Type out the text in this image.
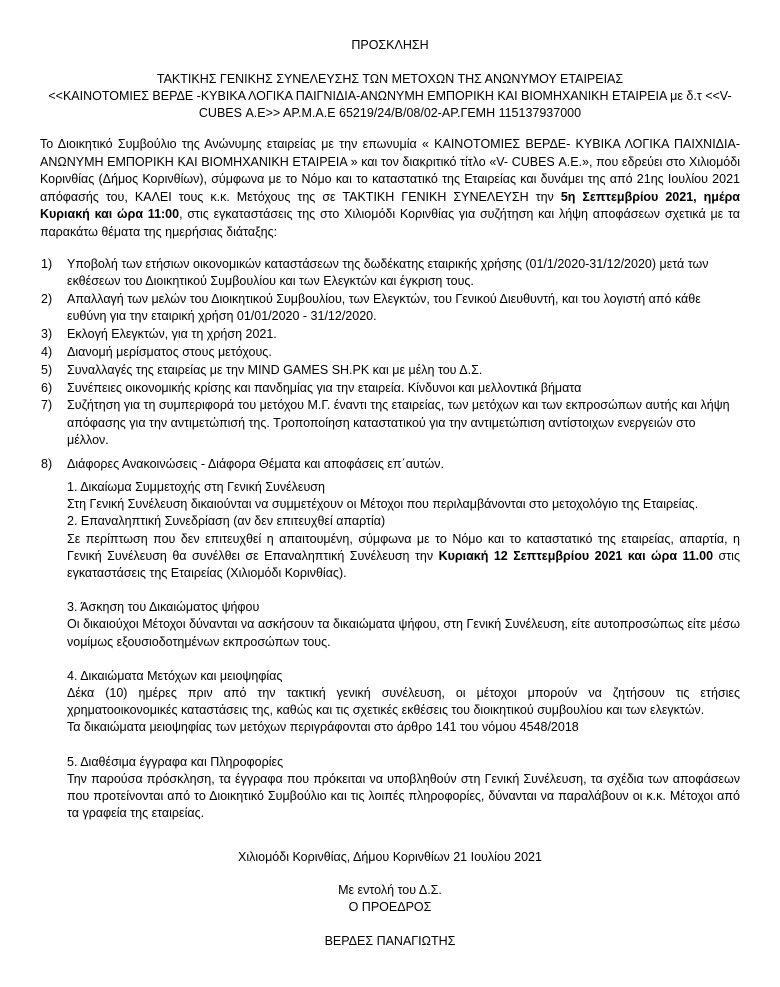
ΠΡΟΣΚΛΗΣΗ
ΤΑΚΤΙΚΗΣ ΓΕΝΙΚΗΣ ΣΥΝΕΛΕΥΣΗΣ ΤΩΝ ΜΕΤΟΧΩΝ ΤΗΣ ΑΝΩΝΥΜΟΥ ΕΤΑΙΡΕΙΑΣ
<<ΚΑΙΝΟΤΟΜΙΕΣ ΒΕΡΔΕ -ΚΥΒΙΚΑ ΛΟΓΙΚΑ ΠΑΙΓΝΙΔΙΑ-ΑΝΩΝΥΜΗ ΕΜΠΟΡΙΚΗ ΚΑΙ ΒΙΟΜΗΧΑΝΙΚΗ ΕΤΑΙΡΕΙΑ με δ.τ <<V-
CUBES Α.Ε>> ΑΡ.Μ.Α.Ε 65219/24/Β/08/02-ΑΡ.ΓΕΜΗ 115137937000
Το Διοικητικό Συμβούλιο της Ανώνυμης εταιρείας με την επωνυμία « ΚΑΙΝΟΤΟΜΙΕΣ ΒΕΡΔΕ- ΚΥΒΙΚΑ ΛΟΓΙΚΑ ΠΑΙΧΝΙΔΙΑ-ΑΝΩΝΥΜΗ ΕΜΠΟΡΙΚΗ ΚΑΙ ΒΙΟΜΗΧΑΝΙΚΗ ΕΤΑΙΡΕΙΑ » και τον διακριτικό τίτλο «V- CUBES Α.Ε.», που εδρεύει στο Χιλιομόδι Κορινθίας (Δήμος Κορινθίων), σύμφωνα με το Νόμο και το καταστατικό της Εταιρείας και δυνάμει της από 21ης Ιουλίου 2021 απόφασής του, ΚΑΛΕΙ τους κ.κ. Μετόχους της σε ΤΑΚΤΙΚΗ ΓΕΝΙΚΗ ΣΥΝΕΛΕΥΣΗ την 5η Σεπτεμβρίου 2021, ημέρα Κυριακή και ώρα 11:00, στις εγκαταστάσεις της στο Χιλιομόδι Κορινθίας για συζήτηση και λήψη αποφάσεων σχετικά με τα παρακάτω θέματα της ημερήσιας διάταξης:
1) Υποβολή των ετήσιων οικονομικών καταστάσεων της δωδέκατης εταιρικής χρήσης (01/1/2020-31/12/2020) μετά των εκθέσεων του Διοικητικού Συμβουλίου και των Ελεγκτών και έγκριση τους.
2) Απαλλαγή των μελών του Διοικητικού Συμβουλίου, των Ελεγκτών, του Γενικού Διευθυντή, και του λογιστή από κάθε ευθύνη για την εταιρική χρήση 01/01/2020 - 31/12/2020.
3) Εκλογή Ελεγκτών, για τη χρήση 2021.
4) Διανομή μερίσματος στους μετόχους.
5) Συναλλαγές της εταιρείας με την MIND GAMES SH.PK και με μέλη του Δ.Σ.
6) Συνέπειες οικονομικής κρίσης και πανδημίας για την εταιρεία. Κίνδυνοι και μελλοντικά βήματα
7) Συζήτηση για τη συμπεριφορά του μετόχου Μ.Γ. έναντι της εταιρείας, των μετόχων και των εκπροσώπων αυτής και λήψη απόφασης για την αντιμετώπισή της. Τροποποίηση καταστατικού για την αντιμετώπιση αντίστοιχων ενεργειών στο μέλλον.
8) Διάφορες Ανακοινώσεις - Διάφορα Θέματα και αποφάσεις επ΄αυτών.
1. Δικαίωμα Συμμετοχής στη Γενική Συνέλευση
Στη Γενική Συνέλευση δικαιούνται να συμμετέχουν οι Μέτοχοι που περιλαμβάνονται στο μετοχολόγιο της Εταιρείας.
2. Επαναληπτική Συνεδρίαση (αν δεν επιτευχθεί απαρτία)
Σε περίπτωση που δεν επιτευχθεί η απαιτουμένη, σύμφωνα με το Νόμο και το καταστατικό της εταιρείας, απαρτία, η Γενική Συνέλευση θα συνέλθει σε Επαναληπτική Συνέλευση την Κυριακή 12 Σεπτεμβρίου 2021 και ώρα 11.00 στις εγκαταστάσεις της Εταιρείας (Χιλιομόδι Κορινθίας).
3. Άσκηση του Δικαιώματος ψήφου
Οι δικαιούχοι Μέτοχοι δύνανται να ασκήσουν τα δικαιώματα ψήφου, στη Γενική Συνέλευση, είτε αυτοπροσώπως είτε μέσω νομίμως εξουσιοδοτημένων εκπροσώπων τους.
4. Δικαιώματα Μετόχων και μειοψηφίας
Δέκα (10) ημέρες πριν από την τακτική γενική συνέλευση, οι μέτοχοι μπορούν να ζητήσουν τις ετήσιες χρηματοοικονομικές καταστάσεις της, καθώς και τις σχετικές εκθέσεις του διοικητικού συμβουλίου και των ελεγκτών.
Τα δικαιώματα μειοψηφίας των μετόχων περιγράφονται στο άρθρο 141 του νόμου 4548/2018
5. Διαθέσιμα έγγραφα και Πληροφορίες
Την παρούσα πρόσκληση, τα έγγραφα που πρόκειται να υποβληθούν στη Γενική Συνέλευση, τα σχέδια των αποφάσεων που προτείνονται από το Διοικητικό Συμβούλιο και τις λοιπές πληροφορίες, δύνανται να παραλάβουν οι κ.κ. Μέτοχοι από τα γραφεία της εταιρείας.
Χιλιομόδι Κορινθίας, Δήμου Κορινθίων 21 Ιουλίου 2021
Με εντολή του Δ.Σ.
Ο ΠΡΟΕΔΡΟΣ
ΒΕΡΔΕΣ ΠΑΝΑΓΙΩΤΗΣ
